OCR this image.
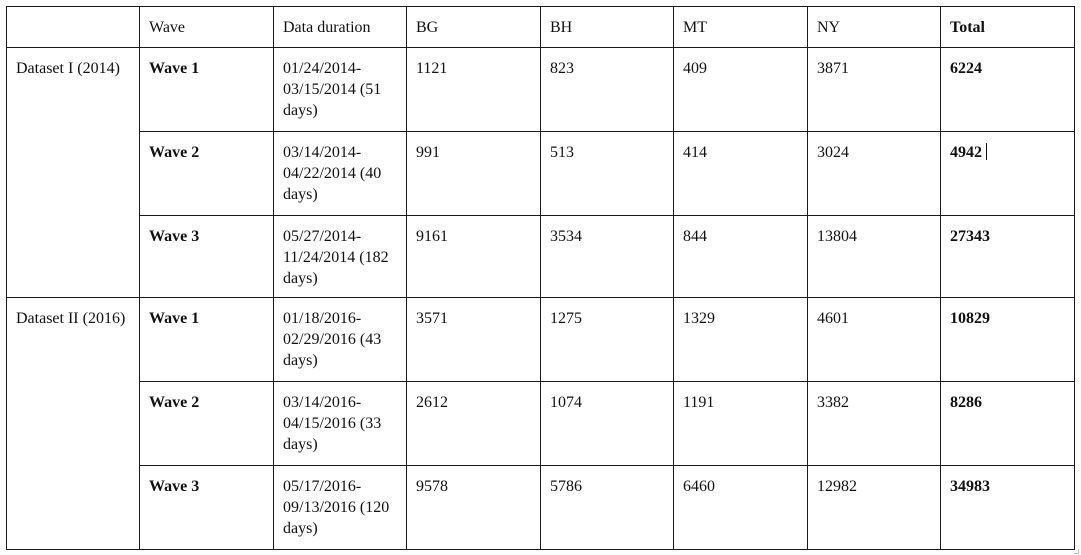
	Wave	Data duration	BG	BH	MT	NY	Total
Dataset I (2014)	Wave 1	01/24/2014-03/15/2014 (51 days)	1121	823	409	3871	6224
	Wave 2	03/14/2014-04/22/2014 (40 days)	991	513	414	3024	4942
	Wave 3	05/27/2014-11/24/2014 (182 days)	9161	3534	844	13804	27343
Dataset II (2016)	Wave 1	01/18/2016-02/29/2016 (43 days)	3571	1275	1329	4601	10829
	Wave 2	03/14/2016-04/15/2016 (33 days)	2612	1074	1191	3382	8286
	Wave 3	05/17/2016-09/13/2016 (120 days)	9578	5786	6460	12982	34983
